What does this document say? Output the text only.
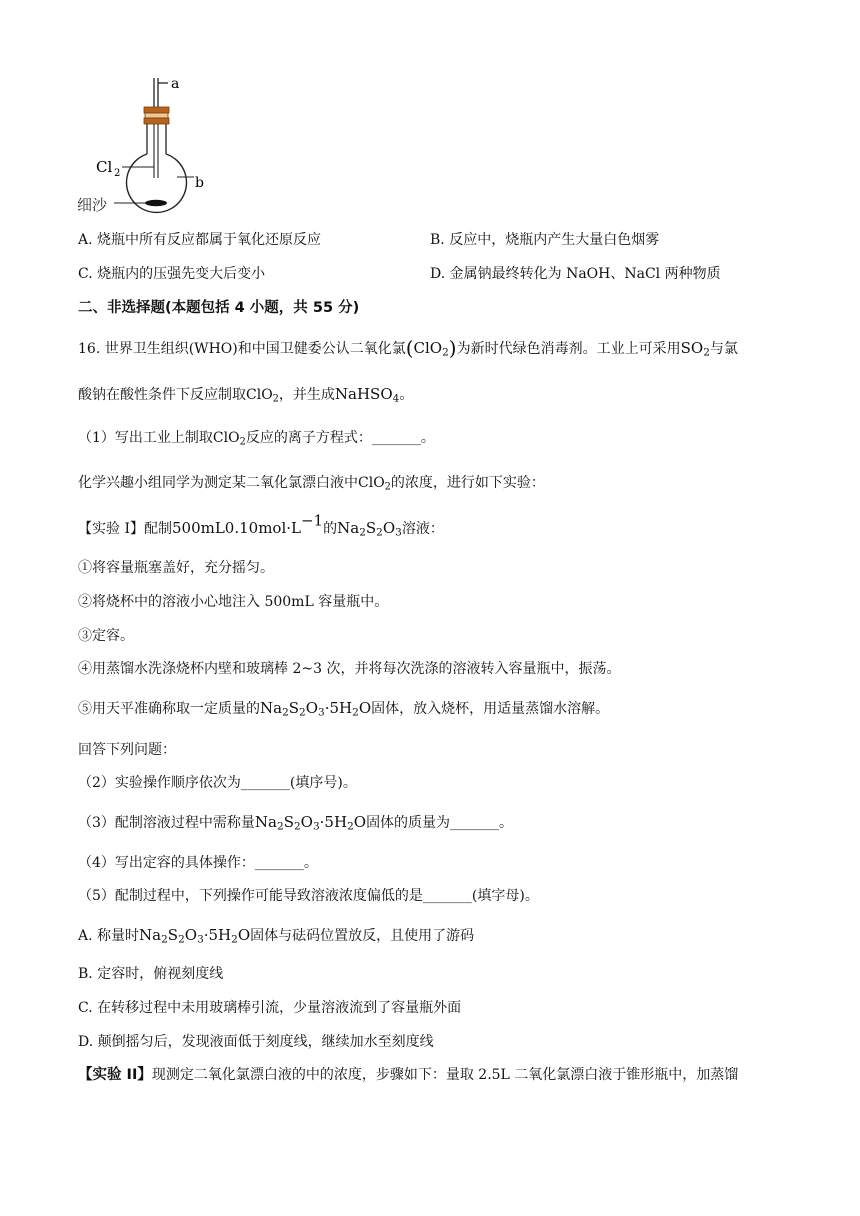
a
b
Cl 2
细沙
A. 烧瓶中所有反应都属于氧化还原反应	B. 反应中，烧瓶内产生大量白色烟雾
C. 烧瓶内的压强先变大后变小	D. 金属钠最终转化为 NaOH、NaCl 两种物质
二、非选择题(本题包括 4 小题，共 55 分)
16. 世界卫生组织(WHO)和中国卫健委公认二氧化氯(ClO$_2$)为新时代绿色消毒剂。工业上可采用$SO_2$与氯
酸钠在酸性条件下反应制取ClO$_2$，并生成NaHSO$_4$。
（1）写出工业上制取ClO$_2$反应的离子方程式：_______。
化学兴趣小组同学为测定某二氧化氯漂白液中ClO$_2$的浓度，进行如下实验：
【实验 I】配制$500mL0.10mol\cdot L^{-1}$的$Na_2S_2O_3$溶液：
①将容量瓶塞盖好，充分摇匀。
②将烧杯中的溶液小心地注入 500mL 容量瓶中。
③定容。
④用蒸馏水洗涤烧杯内壁和玻璃棒 2~3 次，并将每次洗涤的溶液转入容量瓶中，振荡。
⑤用天平准确称取一定质量的$Na_2S_2O_3\cdot 5H_2O$固体，放入烧杯，用适量蒸馏水溶解。
回答下列问题：
（2）实验操作顺序依次为_______(填序号)。
（3）配制溶液过程中需称量$Na_2S_2O_3\cdot 5H_2O$固体的质量为_______。
（4）写出定容的具体操作：_______。
（5）配制过程中，下列操作可能导致溶液浓度偏低的是_______(填字母)。
A. 称量时$Na_2S_2O_3\cdot 5H_2O$固体与砝码位置放反，且使用了游码
B. 定容时，俯视刻度线
C. 在转移过程中未用玻璃棒引流，少量溶液流到了容量瓶外面
D. 颠倒摇匀后，发现液面低于刻度线，继续加水至刻度线
【实验 II】现测定二氧化氯漂白液的中的浓度，步骤如下：量取 2.5L 二氧化氯漂白液于锥形瓶中，加蒸馏
